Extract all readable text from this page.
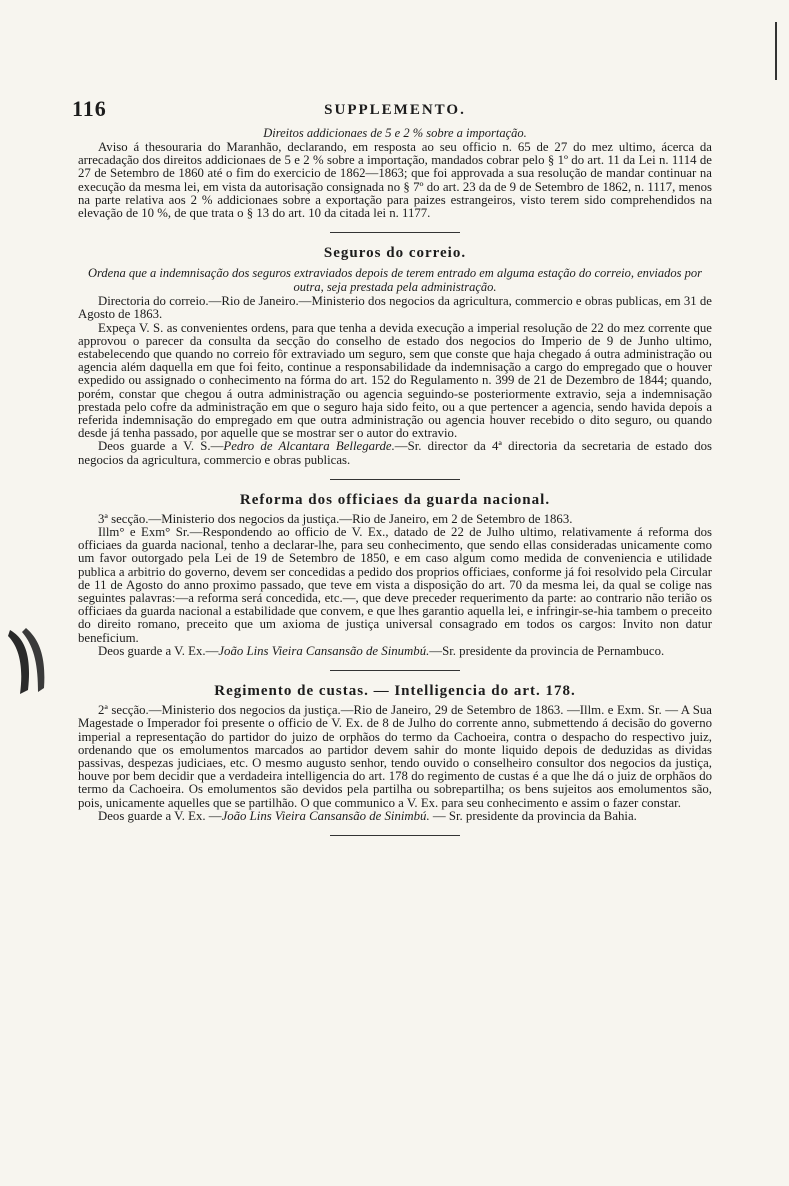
116	SUPPLEMENTO.

Direitos addicionaes de 5 e 2 % sobre a importação.

Aviso á thesouraria do Maranhão, declarando, em resposta ao seu officio n. 65 de 27 do mez ultimo, ácerca da arrecadação dos direitos addicionaes de 5 e 2 % sobre a importação, mandados cobrar pelo § 1º do art. 11 da Lei n. 1114 de 27 de Setembro de 1860 até o fim do exercicio de 1862—1863; que foi approvada a sua resolução de mandar continuar na execução da mesma lei, em vista da autorisação consignada no § 7º do art. 23 da de 9 de Setembro de 1862, n. 1117, menos na parte relativa aos 2 % addicionaes sobre a exportação para paizes estrangeiros, visto terem sido comprehendidos na elevação de 10 %, de que trata o § 13 do art. 10 da citada lei n. 1177.

Seguros do correio.

Ordena que a indemnisação dos seguros extraviados depois de terem entrado em alguma estação do correio, enviados por outra, seja prestada pela administração.

Directoria do correio.—Rio de Janeiro.—Ministerio dos negocios da agricultura, commercio e obras publicas, em 31 de Agosto de 1863.

Expeça V. S. as convenientes ordens, para que tenha a devida execução a imperial resolução de 22 do mez corrente que approvou o parecer da consulta da secção do conselho de estado dos negocios do Imperio de 9 de Junho ultimo, estabelecendo que quando no correio fôr extraviado um seguro, sem que conste que haja chegado á outra administração ou agencia além daquella em que foi feito, continue a responsabilidade da indemnisação a cargo do empregado que o houver expedido ou assignado o conhecimento na fórma do art. 152 do Regulamento n. 399 de 21 de Dezembro de 1844; quando, porém, constar que chegou á outra administração ou agencia seguindo-se posteriormente extravio, seja a indemnisação prestada pelo cofre da administração em que o seguro haja sido feito, ou a que pertencer a agencia, sendo havida depois a referida indemnisação do empregado em que outra administração ou agencia houver recebido o dito seguro, ou quando desde já tenha passado, por aquelle que se mostrar ser o autor do extravio.

Deos guarde a V. S.—Pedro de Alcantara Bellegarde.—Sr. director da 4ª directoria da secretaria de estado dos negocios da agricultura, commercio e obras publicas.

Reforma dos officiaes da guarda nacional.

3ª secção.—Ministerio dos negocios da justiça.—Rio de Janeiro, em 2 de Setembro de 1863.

Illm° e Exm° Sr.—Respondendo ao officio de V. Ex., datado de 22 de Julho ultimo, relativamente á reforma dos officiaes da guarda nacional, tenho a declarar-lhe, para seu conhecimento, que sendo ellas consideradas unicamente como um favor outorgado pela Lei de 19 de Setembro de 1850, e em caso algum como medida de conveniencia e utilidade publica a arbitrio do governo, devem ser concedidas a pedido dos proprios officiaes, conforme já foi resolvido pela Circular de 11 de Agosto do anno proximo passado, que teve em vista a disposição do art. 70 da mesma lei, da qual se colige nas seguintes palavras:—a reforma será concedida, etc.—, que deve preceder requerimento da parte: ao contrario não terião os officiaes da guarda nacional a estabilidade que convem, e que lhes garantio aquella lei, e infringir-se-hia tambem o preceito do direito romano, preceito que um axioma de justiça universal consagrado em todos os cargos: Invito non datur beneficium.

Deos guarde a V. Ex.—João Lins Vieira Cansansão de Sinumbú.—Sr. presidente da provincia de Pernambuco.

Regimento de custas. — Intelligencia do art. 178.

2ª secção.—Ministerio dos negocios da justiça.—Rio de Janeiro, 29 de Setembro de 1863. —Illm. e Exm. Sr. — A Sua Magestade o Imperador foi presente o officio de V. Ex. de 8 de Julho do corrente anno, submettendo á decisão do governo imperial a representação do partidor do juizo de orphãos do termo da Cachoeira, contra o despacho do respectivo juiz, ordenando que os emolumentos marcados ao partidor devem sahir do monte liquido depois de deduzidas as dividas passivas, despezas judiciaes, etc. O mesmo augusto senhor, tendo ouvido o conselheiro consultor dos negocios da justiça, houve por bem decidir que a verdadeira intelligencia do art. 178 do regimento de custas é a que lhe dá o juiz de orphãos do termo da Cachoeira. Os emolumentos são devidos pela partilha ou sobrepartilha; os bens sujeitos aos emolumentos são, pois, unicamente aquelles que se partilhão. O que communico a V. Ex. para seu conhecimento e assim o fazer constar.

Deos guarde a V. Ex. —João Lins Vieira Cansansão de Sinimbú. — Sr. presidente da provincia da Bahia.
